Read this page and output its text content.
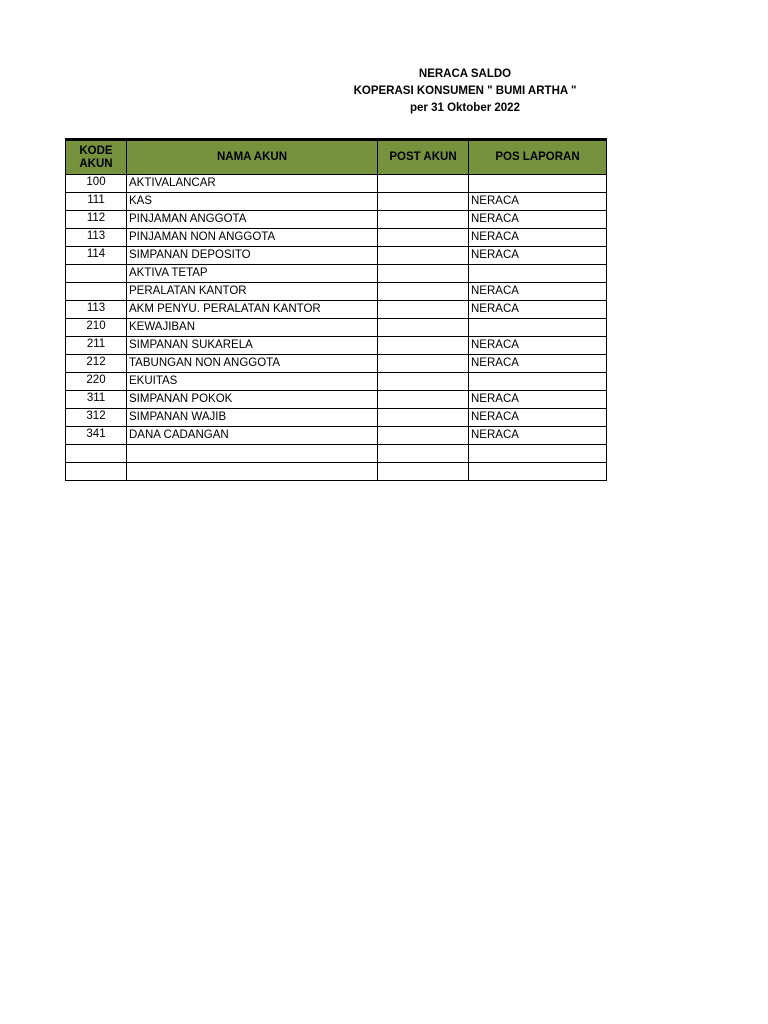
NERACA SALDO
KOPERASI KONSUMEN " BUMI ARTHA "
per 31 Oktober 2022
KODE
AKUN	NAMA AKUN	POST AKUN	POS LAPORAN
100	AKTIVALANCAR		
111	KAS		NERACA
112	PINJAMAN ANGGOTA		NERACA
113	PINJAMAN NON ANGGOTA		NERACA
114	SIMPANAN DEPOSITO		NERACA
	AKTIVA TETAP		
	PERALATAN KANTOR		NERACA
113	AKM PENYU. PERALATAN KANTOR		NERACA
210	KEWAJIBAN		
211	SIMPANAN SUKARELA		NERACA
212	TABUNGAN NON ANGGOTA		NERACA
220	EKUITAS		
311	SIMPANAN POKOK		NERACA
312	SIMPANAN WAJIB		NERACA
341	DANA CADANGAN		NERACA
